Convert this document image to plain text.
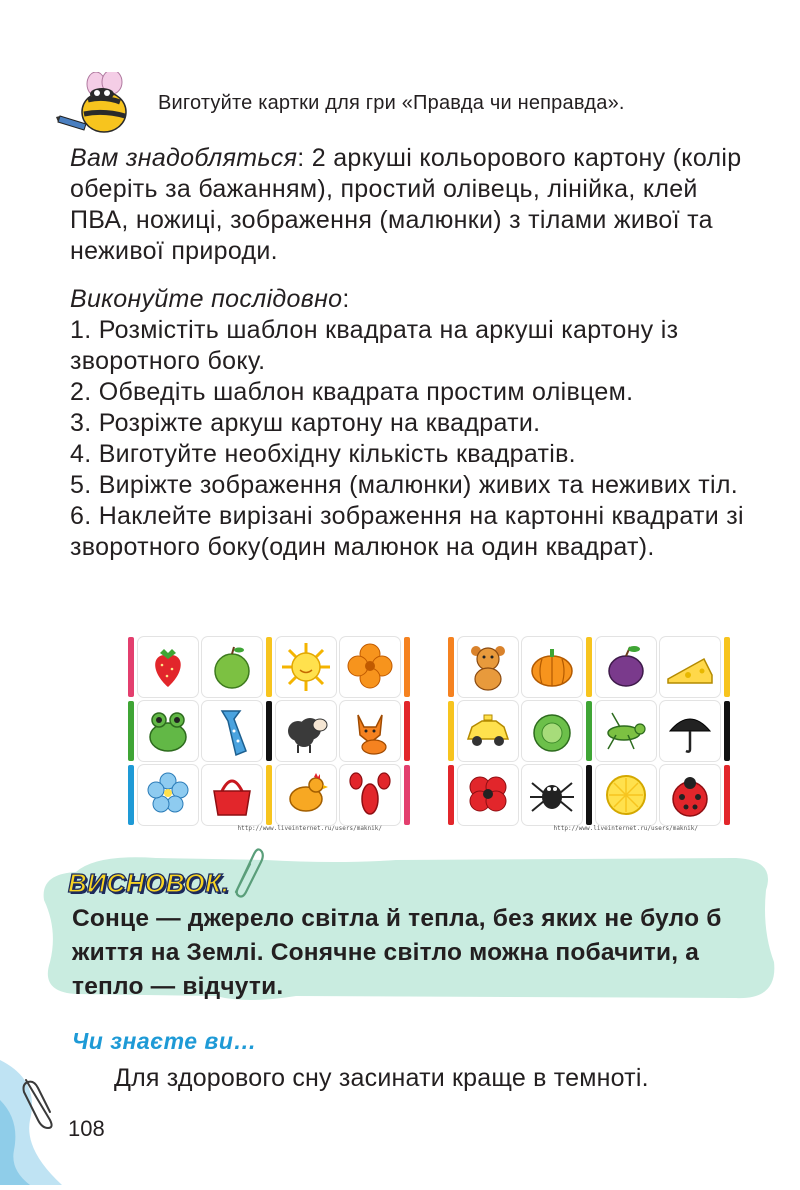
Виготуйте картки для гри «Правда чи неправда».

Вам знадобляться: 2 аркуші кольорового картону (колір оберіть за бажанням), простий олівець, лінійка, клей ПВА, ножиці, зображення (малюнки) з тілами живої та неживої природи.

Виконуйте послідовно:

1. Розмістіть шаблон квадрата на аркуші картону із зворотного боку.

2. Обведіть шаблон квадрата простим олівцем.

3. Розріжте аркуш картону на квадрати.

4. Виготуйте необхідну кількість квадратів.

5. Виріжте зображення (малюнки) живих та неживих тіл.

6. Наклейте вирізані зображення на картонні квадрати зі зворотного боку(один малюнок на один квадрат).

http://www.liveinternet.ru/users/maknik/	http://www.liveinternet.ru/users/maknik/
ВИСНОВОК.
Сонце — джерело світла й тепла, без яких не було б життя на Землі. Сонячне світло можна побачити, а тепло — відчути.
Чи знаєте ви…
Для здорового сну засинати краще в темноті.
108
